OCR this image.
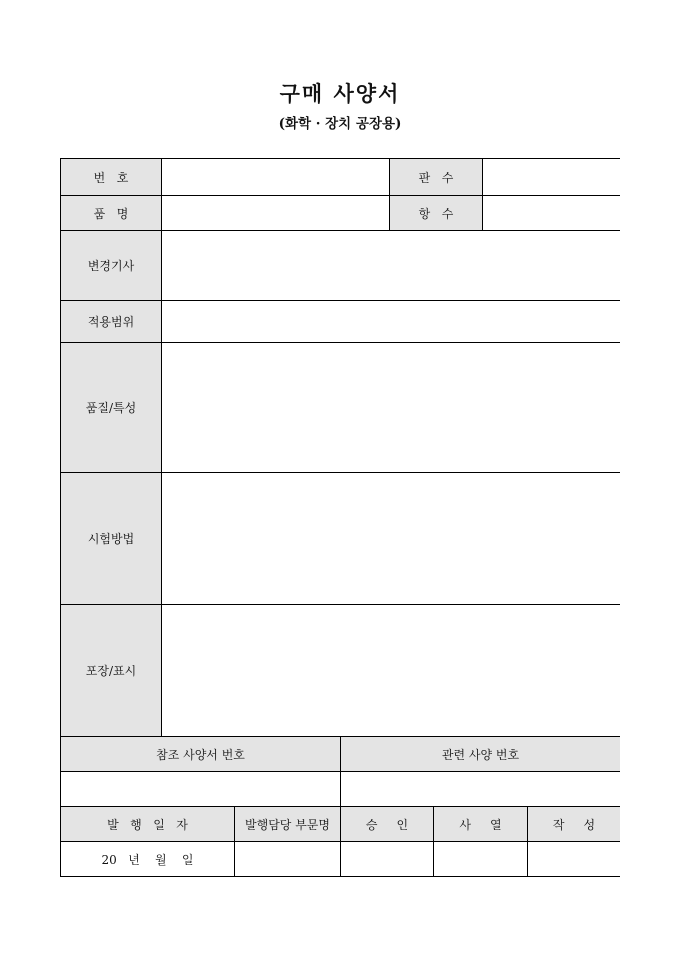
구매 사양서
(화학 · 장치 공장용)
번   호	판   수
품   명	항   수
변경기사
적용범위
품질/특성
시험방법
포장/표시
참조 사양서 번호	관련 사양 번호
발   행   일   자	발행담당 부문명	승     인	사     열	작     성
20   년    월    일
